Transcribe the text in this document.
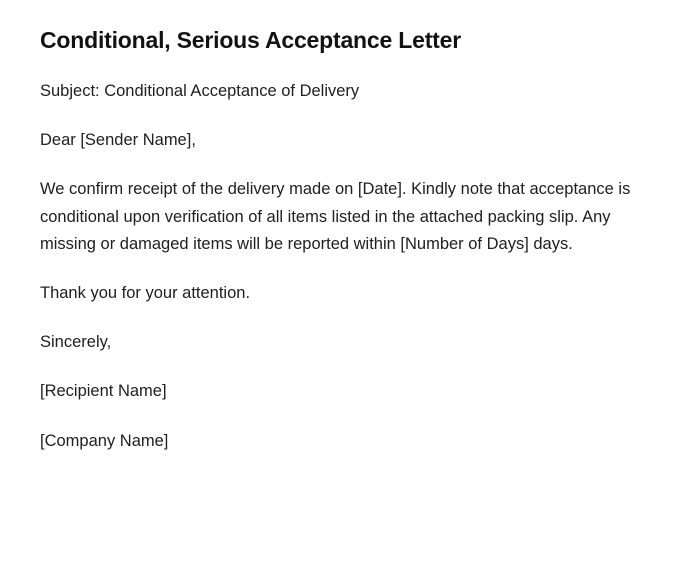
Conditional, Serious Acceptance Letter

Subject: Conditional Acceptance of Delivery

Dear [Sender Name],

We confirm receipt of the delivery made on [Date]. Kindly note that acceptance is conditional upon verification of all items listed in the attached packing slip. Any missing or damaged items will be reported within [Number of Days] days.

Thank you for your attention.

Sincerely,

[Recipient Name]

[Company Name]
